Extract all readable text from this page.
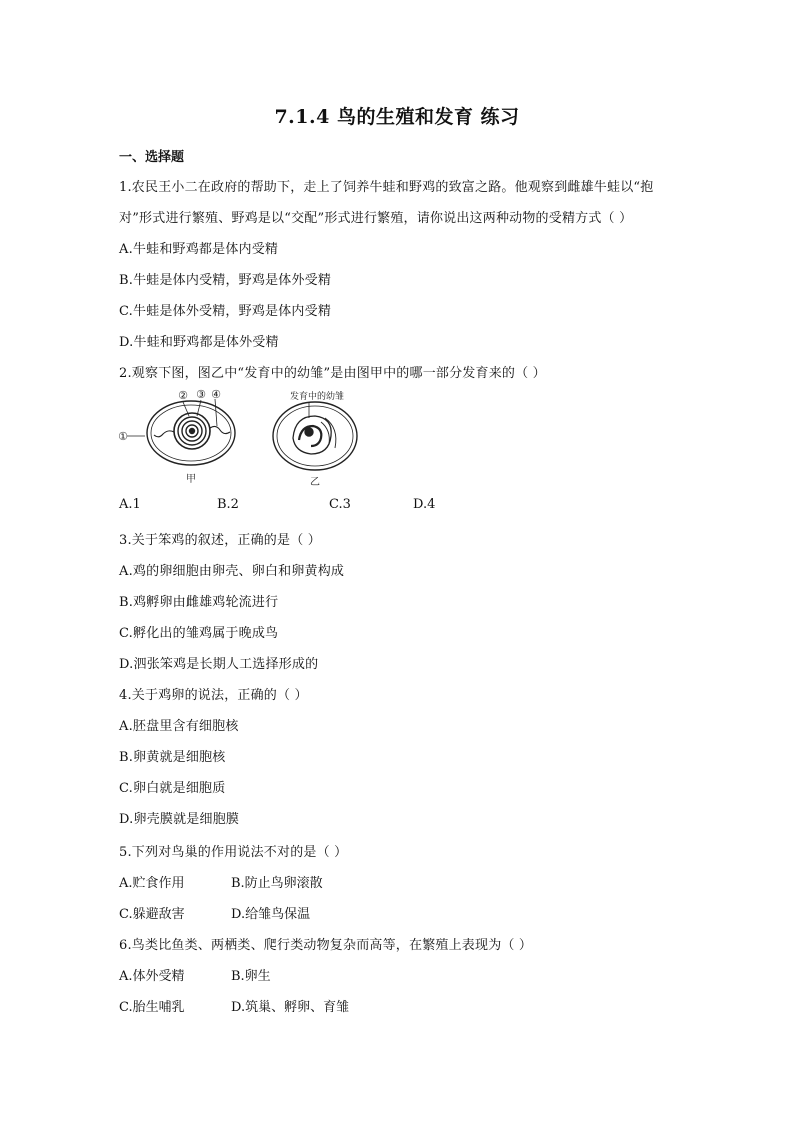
7.1.4 鸟的生殖和发育 练习
一、选择题
1.农民王小二在政府的帮助下，走上了饲养牛蛙和野鸡的致富之路。他观察到雌雄牛蛙以“抱
对”形式进行繁殖、野鸡是以“交配”形式进行繁殖，请你说出这两种动物的受精方式（ ）
A.牛蛙和野鸡都是体内受精
B.牛蛙是体内受精，野鸡是体外受精
C.牛蛙是体外受精，野鸡是体内受精
D.牛蛙和野鸡都是体外受精
2.观察下图，图乙中“发育中的幼雏”是由图甲中的哪一部分发育来的（ ）
①
② ③ ④
甲
发育中的幼雏
乙
A.1	B.2	C.3	D.4
3.关于笨鸡的叙述，正确的是（ ）
A.鸡的卵细胞由卵壳、卵白和卵黄构成
B.鸡孵卵由雌雄鸡轮流进行
C.孵化出的雏鸡属于晚成鸟
D.泗张笨鸡是长期人工选择形成的
4.关于鸡卵的说法，正确的（ ）
A.胚盘里含有细胞核
B.卵黄就是细胞核
C.卵白就是细胞质
D.卵壳膜就是细胞膜
5.下列对鸟巢的作用说法不对的是（ ）
A.贮食作用	B.防止鸟卵滚散
C.躲避敌害	D.给雏鸟保温
6.鸟类比鱼类、两栖类、爬行类动物复杂而高等，在繁殖上表现为（ ）
A.体外受精	B.卵生
C.胎生哺乳	D.筑巢、孵卵、育雏
